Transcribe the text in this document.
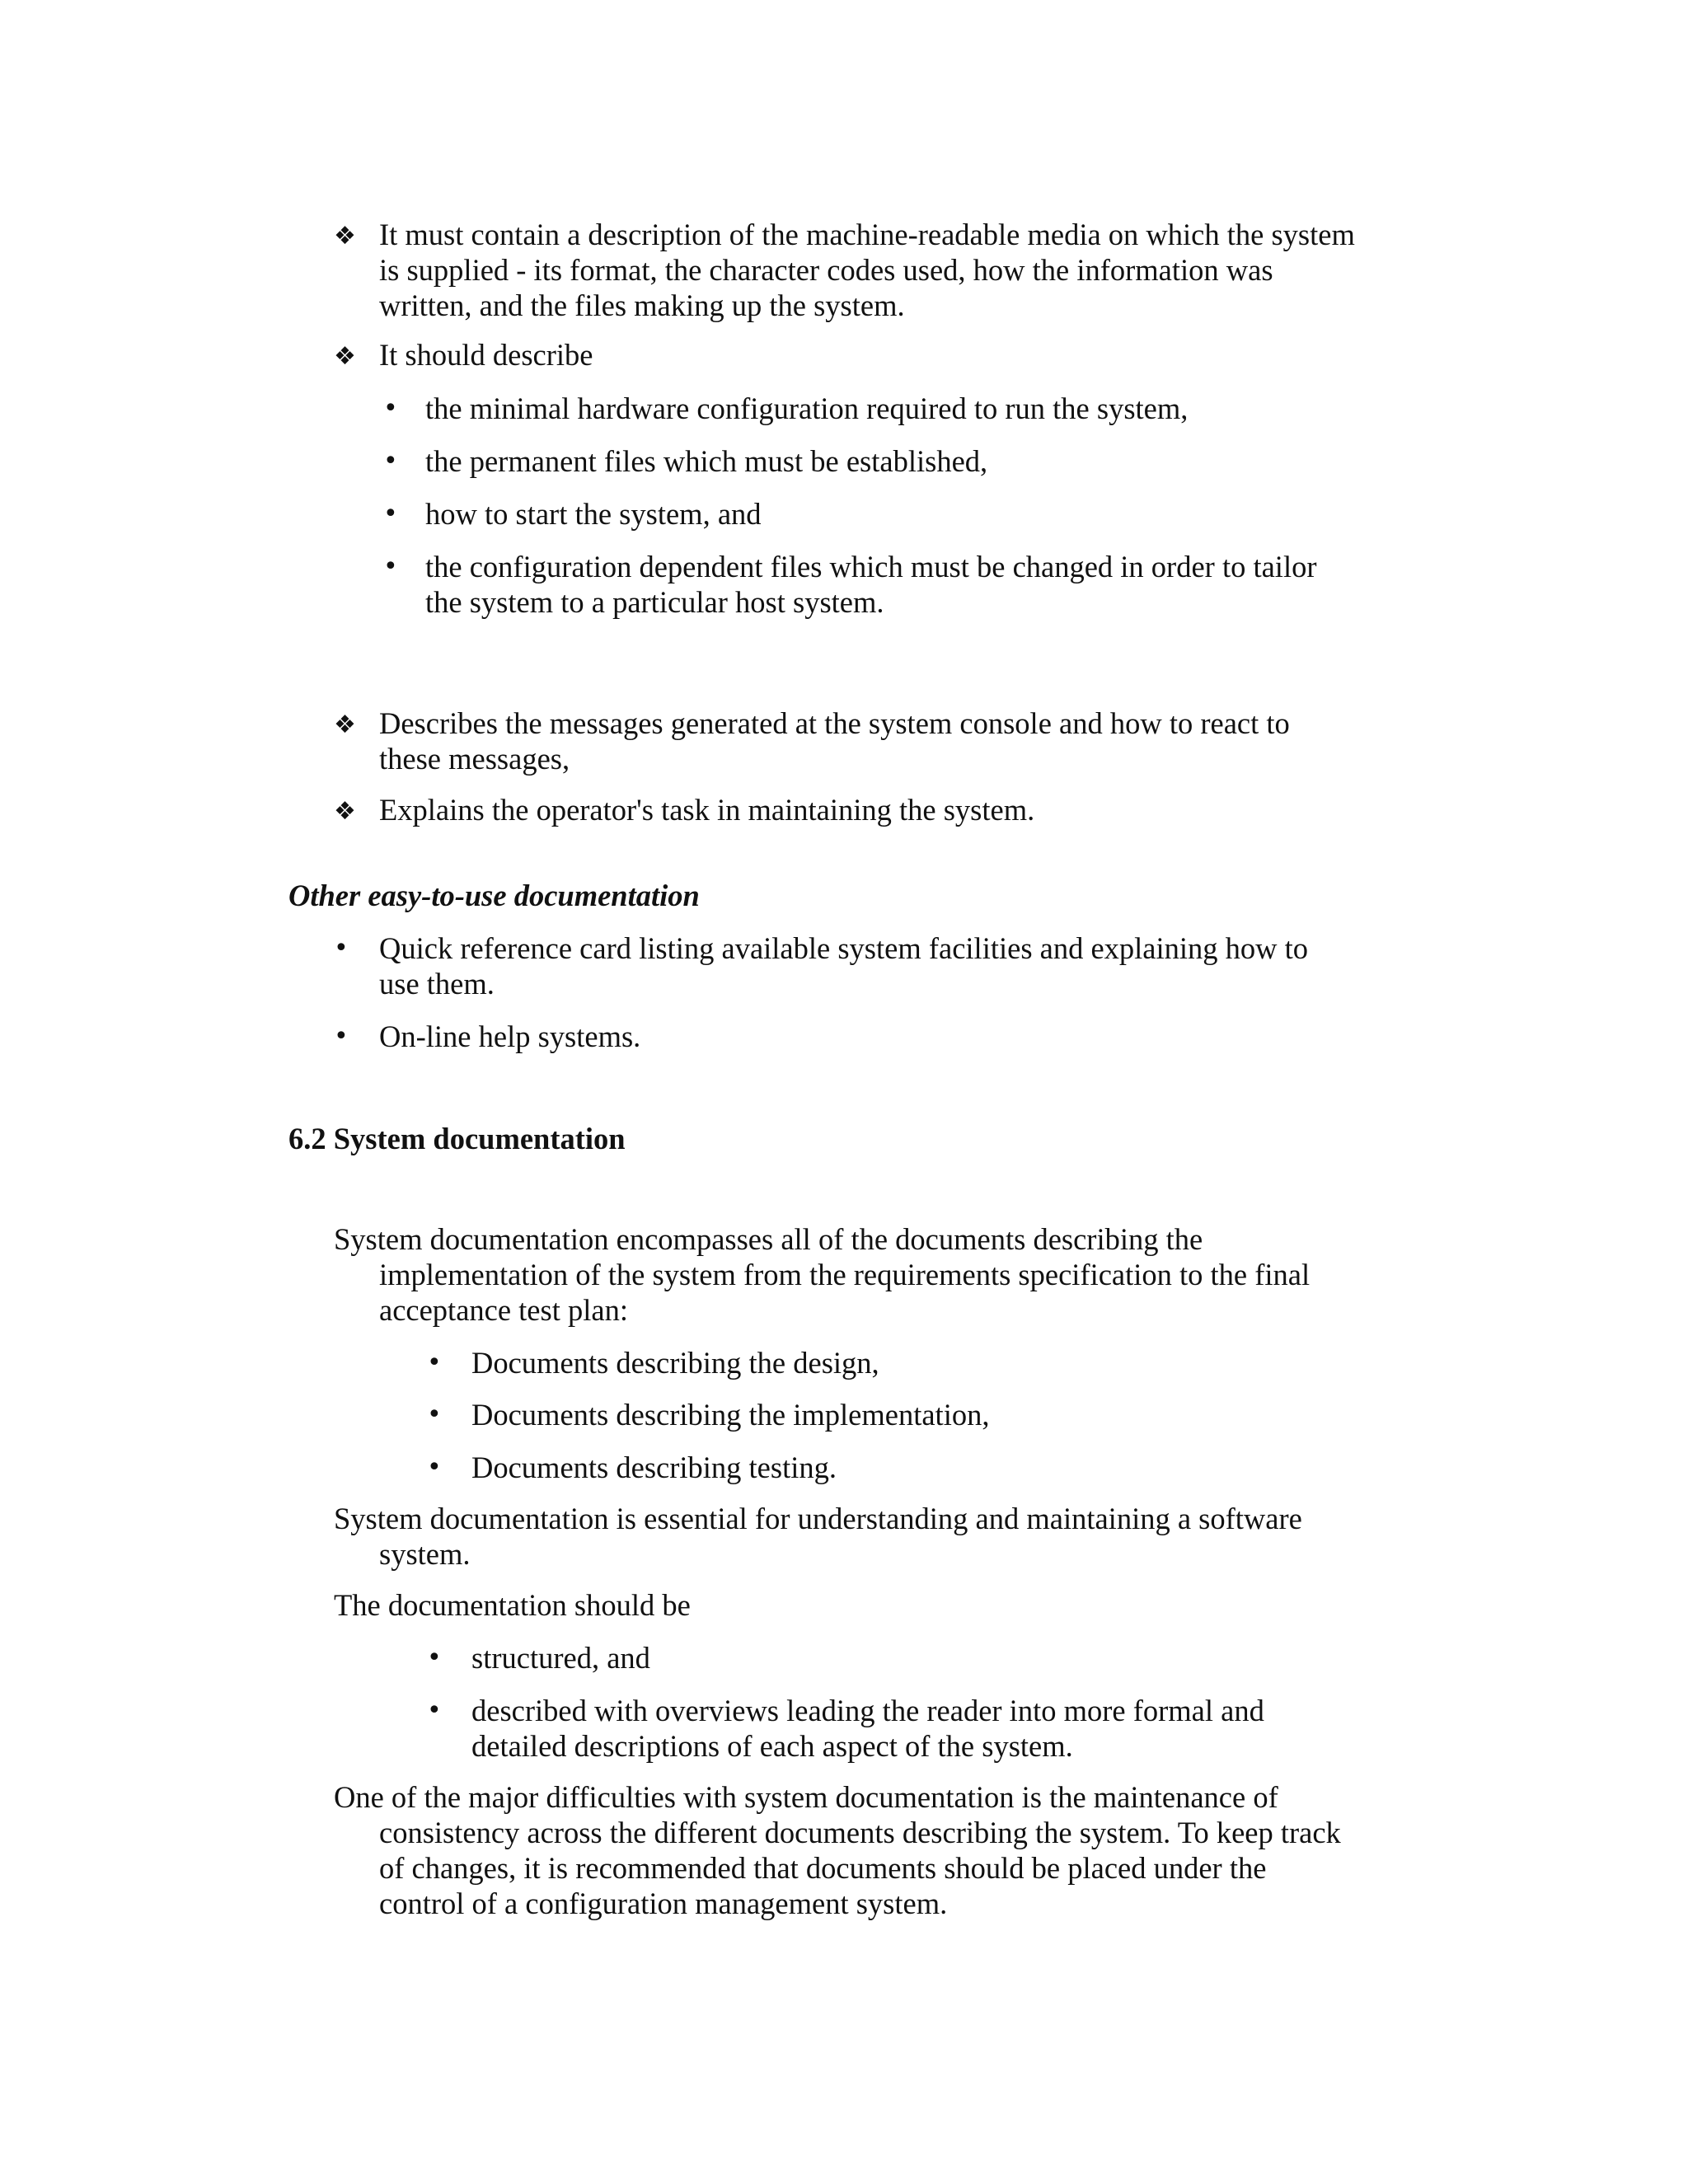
❖ It must contain a description of the machine-readable media on which the system
is supplied - its format, the character codes used, how the information was
written, and the files making up the system.
❖ It should describe
• the minimal hardware configuration required to run the system,
• the permanent files which must be established,
• how to start the system, and
• the configuration dependent files which must be changed in order to tailor
the system to a particular host system.
❖ Describes the messages generated at the system console and how to react to
these messages,
❖ Explains the operator's task in maintaining the system.
Other easy-to-use documentation
• Quick reference card listing available system facilities and explaining how to
use them.
• On-line help systems.
6.2 System documentation
System documentation encompasses all of the documents describing the
implementation of the system from the requirements specification to the final
acceptance test plan:
• Documents describing the design,
• Documents describing the implementation,
• Documents describing testing.
System documentation is essential for understanding and maintaining a software
system.
The documentation should be
• structured, and
• described with overviews leading the reader into more formal and
detailed descriptions of each aspect of the system.
One of the major difficulties with system documentation is the maintenance of
consistency across the different documents describing the system. To keep track
of changes, it is recommended that documents should be placed under the
control of a configuration management system.
